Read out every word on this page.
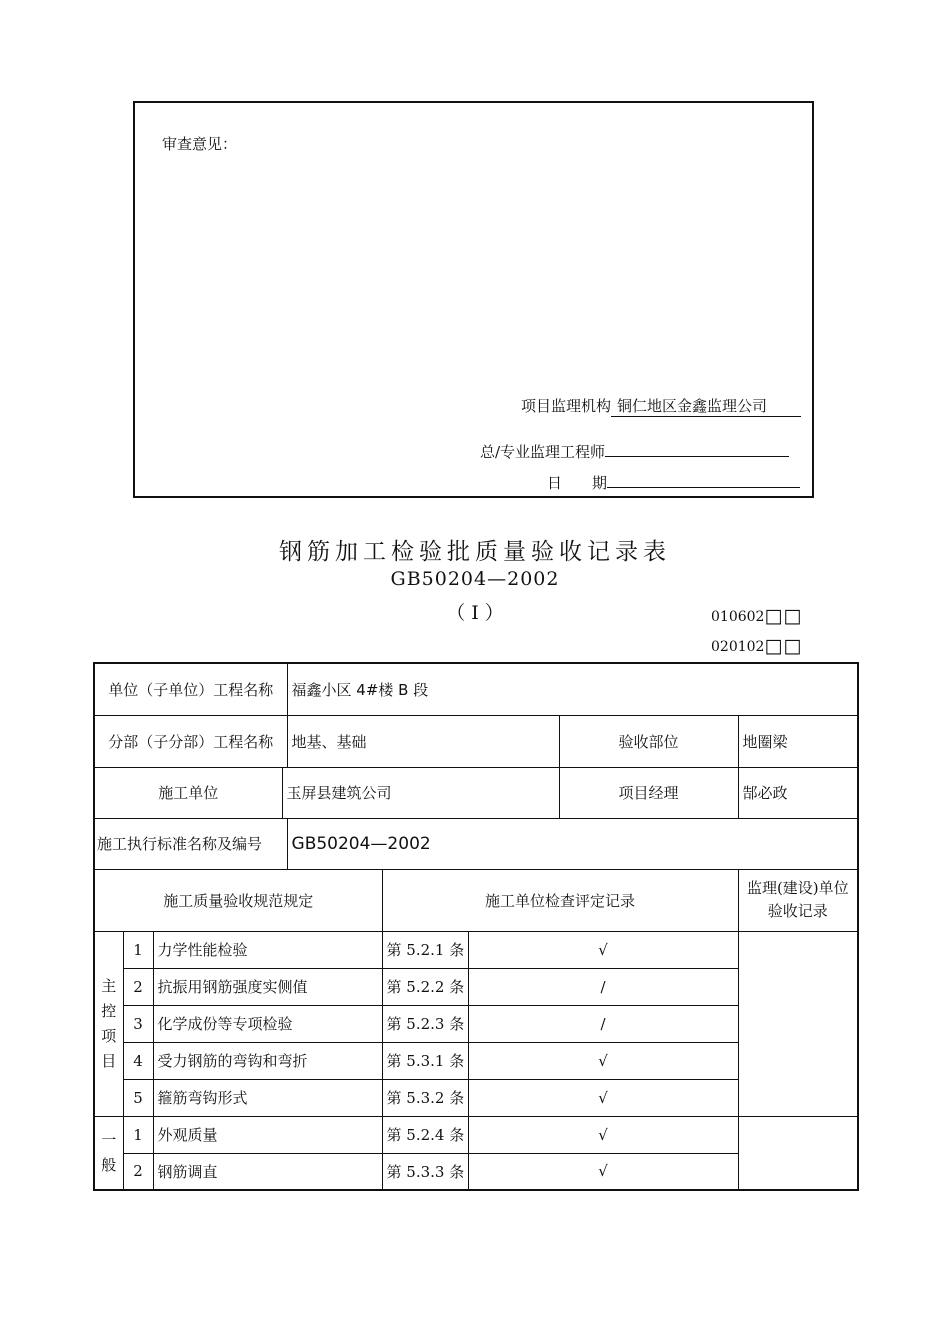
审查意见：
项目监理机构 铜仁地区金鑫监理公司
总/专业监理工程师
日　　期
钢筋加工检验批质量验收记录表
GB50204—2002
（ Ⅰ ）	010602□□
020102□□
单位（子单位）工程名称				福鑫小区 4#楼 B 段				
分部（子分部）工程名称				地基、基础			验收部位	地圈梁
施工单位			玉屏县建筑公司				项目经理	郜必政
施工执行标准名称及编号				GB50204—2002				
施工质量验收规范规定					施工单位检查评定记录			监理(建设)单位
验收记录
主
控
项
目	1	力学性能检验			第 5.2.1 条	√		
	2	抗振用钢筋强度实侧值			第 5.2.2 条	/		
	3	化学成份等专项检验			第 5.2.3 条	/		
	4	受力钢筋的弯钩和弯折			第 5.3.1 条	√		
	5	箍筋弯钩形式			第 5.3.2 条	√		
一
般	1	外观质量			第 5.2.4 条	√		
	2	钢筋调直			第 5.3.3 条	√		
